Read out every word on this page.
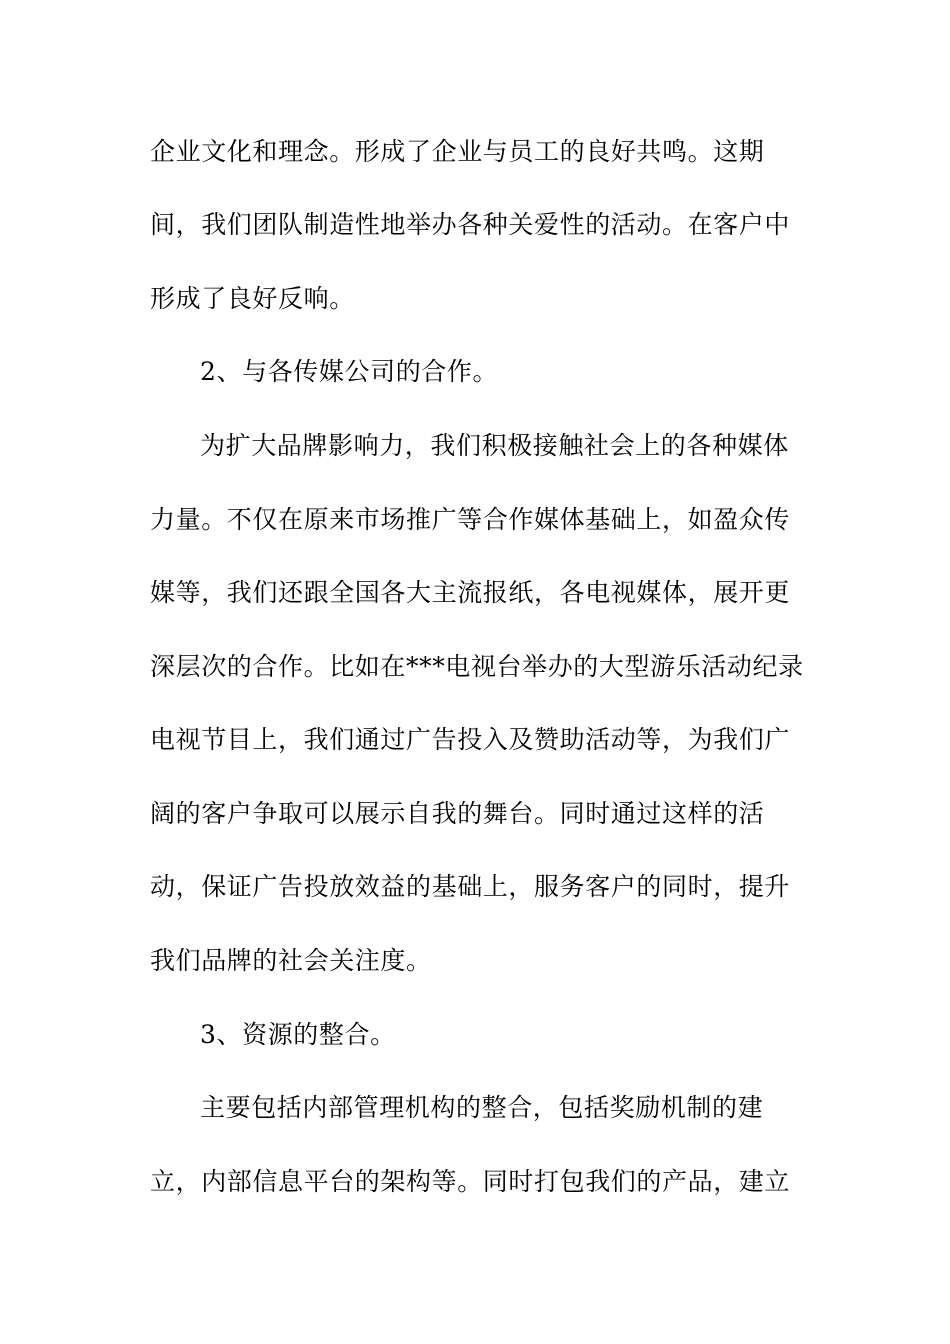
企业文化和理念。形成了企业与员工的良好共鸣。这期
间，我们团队制造性地举办各种关爱性的活动。在客户中
形成了良好反响。
2、与各传媒公司的合作。
为扩大品牌影响力，我们积极接触社会上的各种媒体
力量。不仅在原来市场推广等合作媒体基础上，如盈众传
媒等，我们还跟全国各大主流报纸，各电视媒体，展开更
深层次的合作。比如在***电视台举办的大型游乐活动纪录
电视节目上，我们通过广告投入及赞助活动等，为我们广
阔的客户争取可以展示自我的舞台。同时通过这样的活
动，保证广告投放效益的基础上，服务客户的同时，提升
我们品牌的社会关注度。
3、资源的整合。
主要包括内部管理机构的整合，包括奖励机制的建
立，内部信息平台的架构等。同时打包我们的产品，建立
